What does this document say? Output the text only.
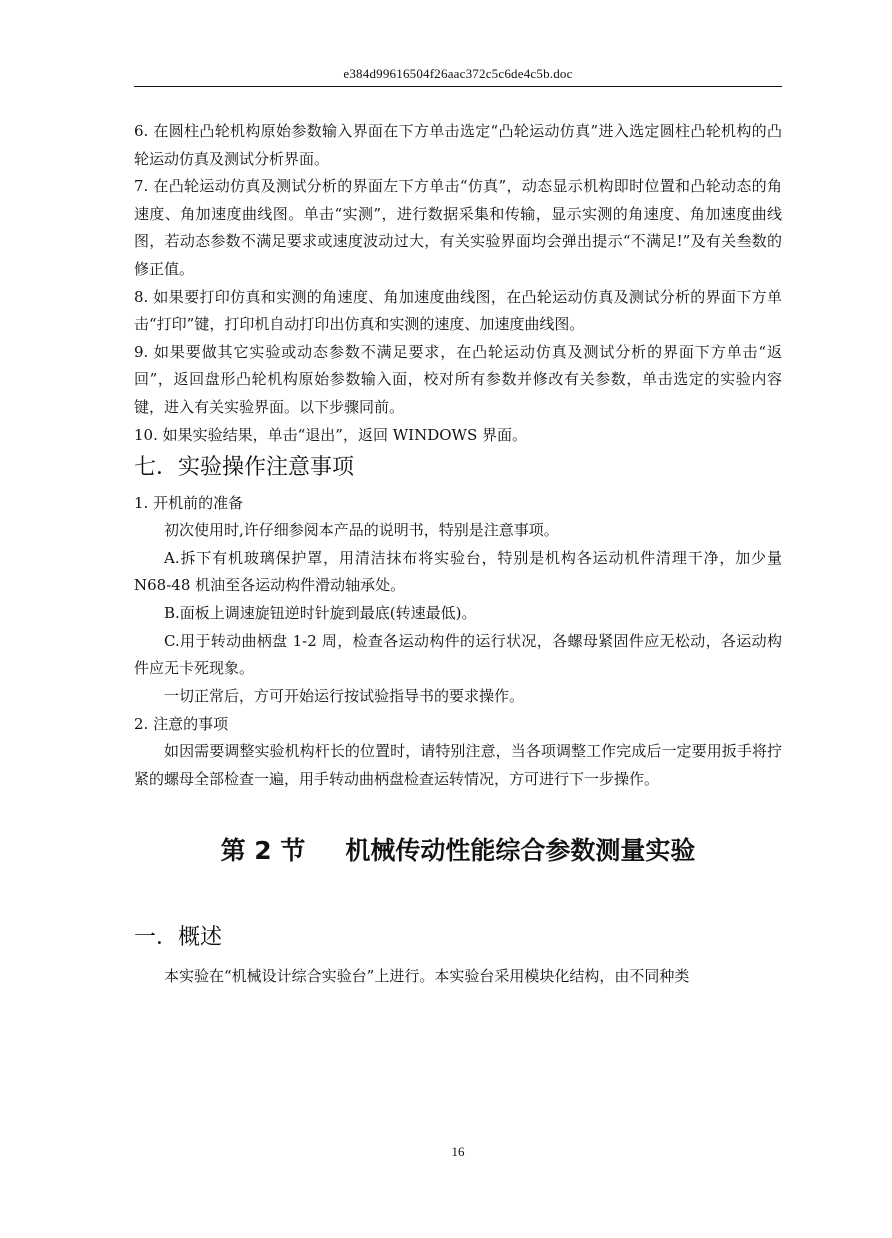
e384d99616504f26aac372c5c6de4c5b.doc

6. 在圆柱凸轮机构原始参数输入界面在下方单击选定“凸轮运动仿真”进入选定圆柱凸轮机构的凸轮运动仿真及测试分析界面。

7. 在凸轮运动仿真及测试分析的界面左下方单击“仿真”，动态显示机构即时位置和凸轮动态的角速度、角加速度曲线图。单击“实测”，进行数据采集和传输，显示实测的角速度、角加速度曲线图，若动态参数不满足要求或速度波动过大，有关实验界面均会弹出提示“不满足!”及有关叁数的修正值。

8. 如果要打印仿真和实测的角速度、角加速度曲线图，在凸轮运动仿真及测试分析的界面下方单击“打印”键，打印机自动打印出仿真和实测的速度、加速度曲线图。

9. 如果要做其它实验或动态参数不满足要求，在凸轮运动仿真及测试分析的界面下方单击“返回”，返回盘形凸轮机构原始参数输入面，校对所有参数并修改有关参数，单击选定的实验内容键，进入有关实验界面。以下步骤同前。

10. 如果实验结果，单击“退出”，返回 WINDOWS 界面。

七．实验操作注意事项

1. 开机前的准备

初次使用时,许仔细参阅本产品的说明书，特别是注意事项。

A.拆下有机玻璃保护罩，用清洁抹布将实验台，特别是机构各运动机件清理干净，加少量 N68-48 机油至各运动构件滑动轴承处。

B.面板上调速旋钮逆时针旋到最底(转速最低)。

C.用于转动曲柄盘 1-2 周，检查各运动构件的运行状况，各螺母紧固件应无松动，各运动构件应无卡死现象。

一切正常后，方可开始运行按试验指导书的要求操作。

2. 注意的事项

如因需要调整实验机构杆长的位置时，请特别注意，当各项调整工作完成后一定要用扳手将拧紧的螺母全部检查一遍，用手转动曲柄盘检查运转情况，方可进行下一步操作。

第 2 节 机械传动性能综合参数测量实验
一．概述

本实验在“机械设计综合实验台”上进行。本实验台采用模块化结构，由不同种类

16
